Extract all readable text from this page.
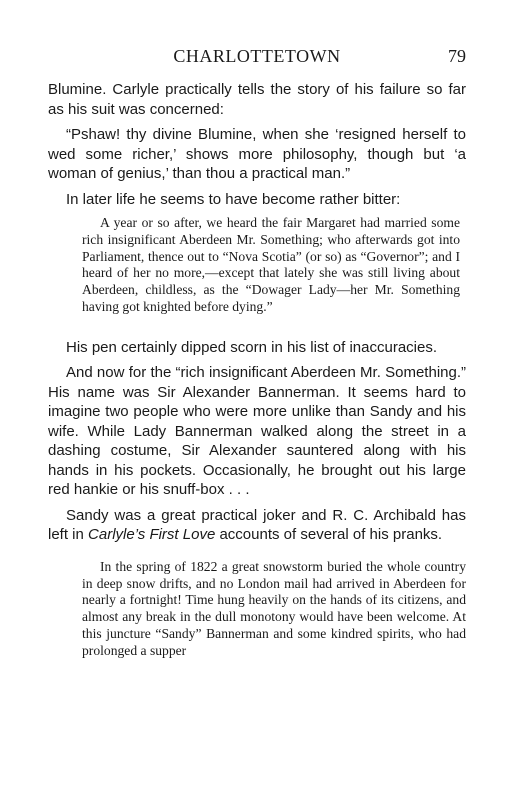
CHARLOTTETOWN	79

Blumine. Carlyle practically tells the story of his failure so far as his suit was concerned:

“Pshaw! thy divine Blumine, when she ‘resigned herself to wed some richer,’ shows more philosophy, though but ‘a woman of genius,’ than thou a practical man.”

In later life he seems to have become rather bitter:

A year or so after, we heard the fair Margaret had married some rich insignificant Aberdeen Mr. Something; who afterwards got into Parliament, thence out to “Nova Scotia” (or so) as “Governor”; and I heard of her no more,—except that lately she was still living about Aberdeen, childless, as the “Dowager Lady—her Mr. Something having got knighted before dying.”

His pen certainly dipped scorn in his list of inaccuracies.

And now for the “rich insignificant Aberdeen Mr. Something.” His name was Sir Alexander Bannerman. It seems hard to imagine two people who were more unlike than Sandy and his wife. While Lady Bannerman walked along the street in a dashing costume, Sir Alexander sauntered along with his hands in his pockets. Occasionally, he brought out his large red hankie or his snuff-box . . .

Sandy was a great practical joker and R. C. Archibald has left in Carlyle’s First Love accounts of several of his pranks.

In the spring of 1822 a great snowstorm buried the whole country in deep snow drifts, and no London mail had arrived in Aberdeen for nearly a fortnight! Time hung heavily on the hands of its citizens, and almost any break in the dull monotony would have been welcome. At this juncture “Sandy” Bannerman and some kindred spirits, who had prolonged a supper
